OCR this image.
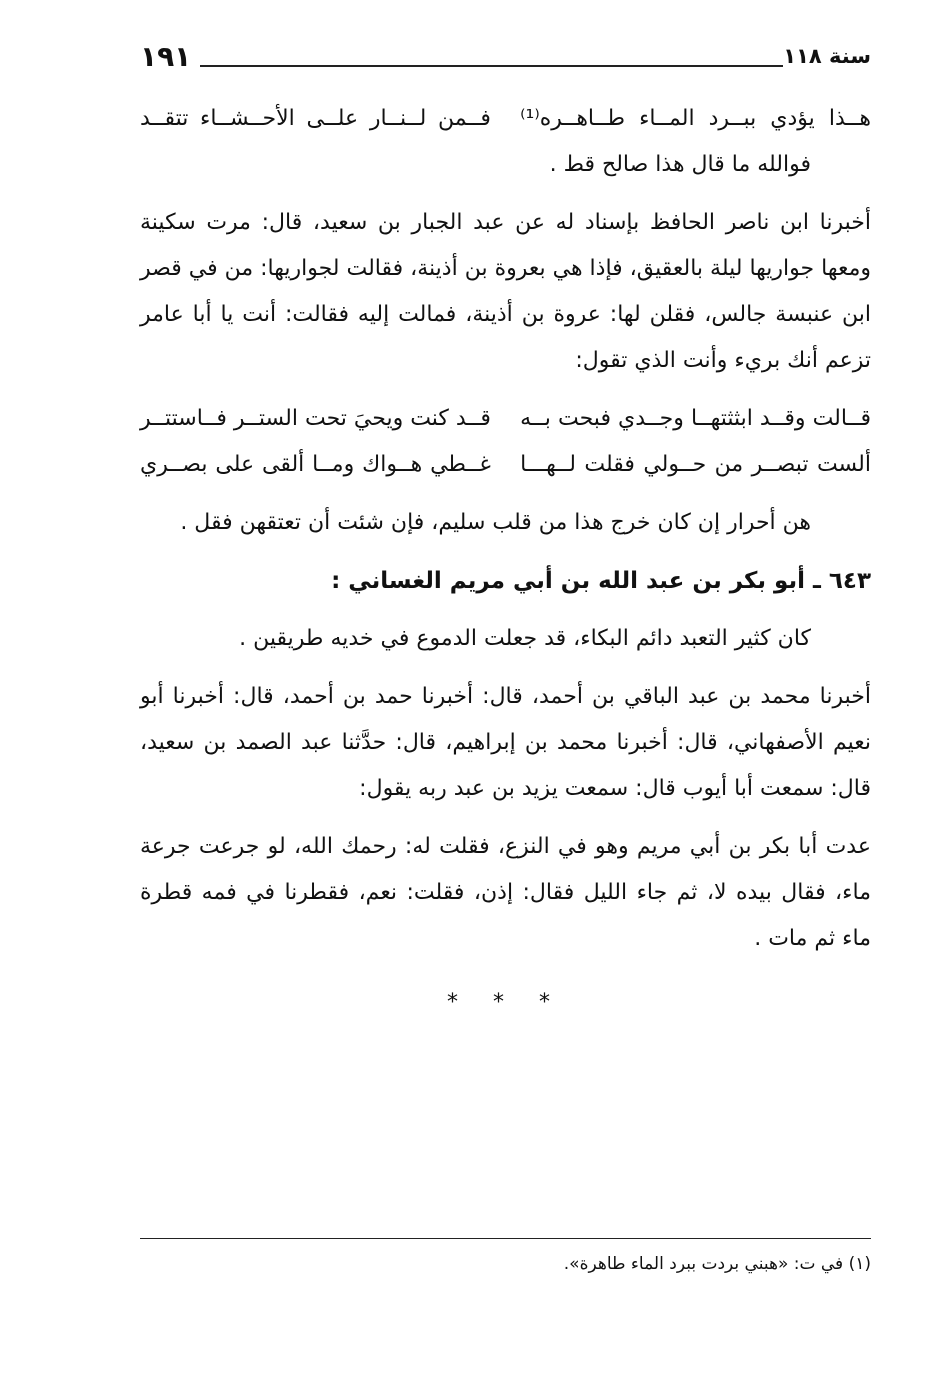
سنة ١١٨
١٩١
هــذا يؤدي ببــرد المــاء طــاهــره⁽¹⁾
فــمن لــنــار علــى الأحــشــاء تتقــد

فوالله ما قال هذا صالح قط .

أخبرنا ابن ناصر الحافظ بإسناد له عن عبد الجبار بن سعيد، قال: مرت سكينة ومعها جواريها ليلة بالعقيق، فإذا هي بعروة بن أذينة، فقالت لجواريها: من في قصر ابن عنبسة جالس، فقلن لها: عروة بن أذينة، فمالت إليه فقالت: أنت يا أبا عامر تزعم أنك بريء وأنت الذي تقول:

قــالت وقــد ابثثتهــا وجــدي فبحت بــه
قــد كنت ويحيَ تحت الستــر فــاستتــر
ألست تبصــر من حــولي فقلت لــهـــا
غــطي هــواك ومــا ألقى على بصــري

هن أحرار إن كان خرج هذا من قلب سليم، فإن شئت أن تعتقهن فقل .

٦٤٣ ـ أبو بكر بن عبد الله بن أبي مريم الغساني :

كان كثير التعبد دائم البكاء، قد جعلت الدموع في خديه طريقين .

أخبرنا محمد بن عبد الباقي بن أحمد، قال: أخبرنا حمد بن أحمد، قال: أخبرنا أبو نعيم الأصفهاني، قال: أخبرنا محمد بن إبراهيم، قال: حدَّثنا عبد الصمد بن سعيد، قال: سمعت أبا أيوب قال: سمعت يزيد بن عبد ربه يقول:

عدت أبا بكر بن أبي مريم وهو في النزع، فقلت له: رحمك الله، لو جرعت جرعة ماء، فقال بيده لا، ثم جاء الليل فقال: إذن، فقلت: نعم، فقطرنا في فمه قطرة ماء ثم مات .

* * *
(١) في ت: «هبني بردت ببرد الماء طاهرة».
